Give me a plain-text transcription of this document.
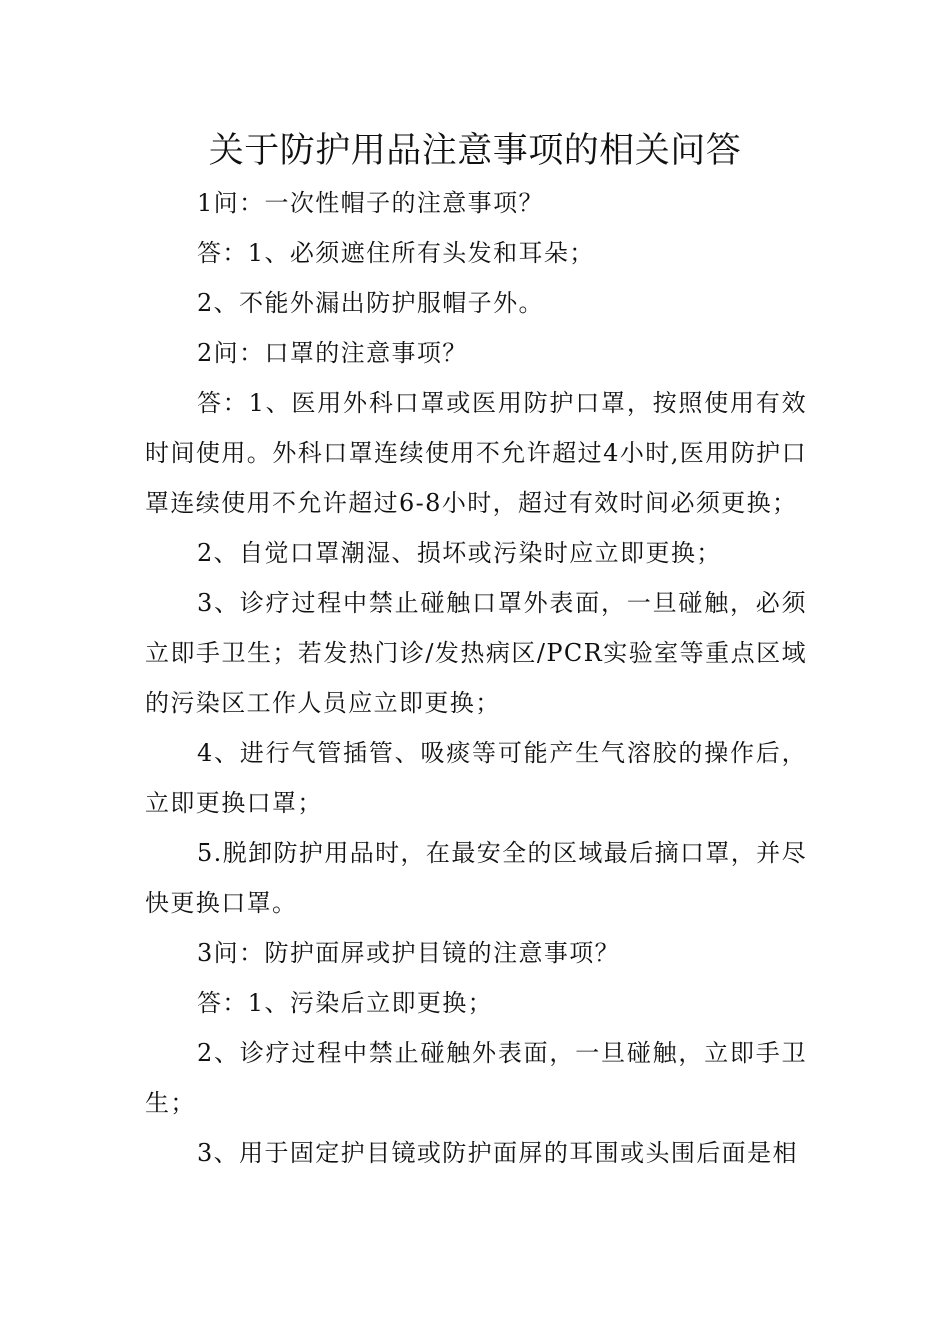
关于防护用品注意事项的相关问答

1问：一次性帽子的注意事项？

答：1、必须遮住所有头发和耳朵；

2、不能外漏出防护服帽子外。

2问：口罩的注意事项？

答：1、医用外科口罩或医用防护口罩，按照使用有效时间使用。外科口罩连续使用不允许超过4小时,医用防护口罩连续使用不允许超过6-8小时，超过有效时间必须更换；

2、自觉口罩潮湿、损坏或污染时应立即更换；

3、诊疗过程中禁止碰触口罩外表面，一旦碰触，必须立即手卫生；若发热门诊/发热病区/PCR实验室等重点区域的污染区工作人员应立即更换；

4、进行气管插管、吸痰等可能产生气溶胶的操作后，立即更换口罩；

5.脱卸防护用品时，在最安全的区域最后摘口罩，并尽快更换口罩。

3问：防护面屏或护目镜的注意事项？

答：1、污染后立即更换；

2、诊疗过程中禁止碰触外表面，一旦碰触，立即手卫生；

3、用于固定护目镜或防护面屏的耳围或头围后面是相
